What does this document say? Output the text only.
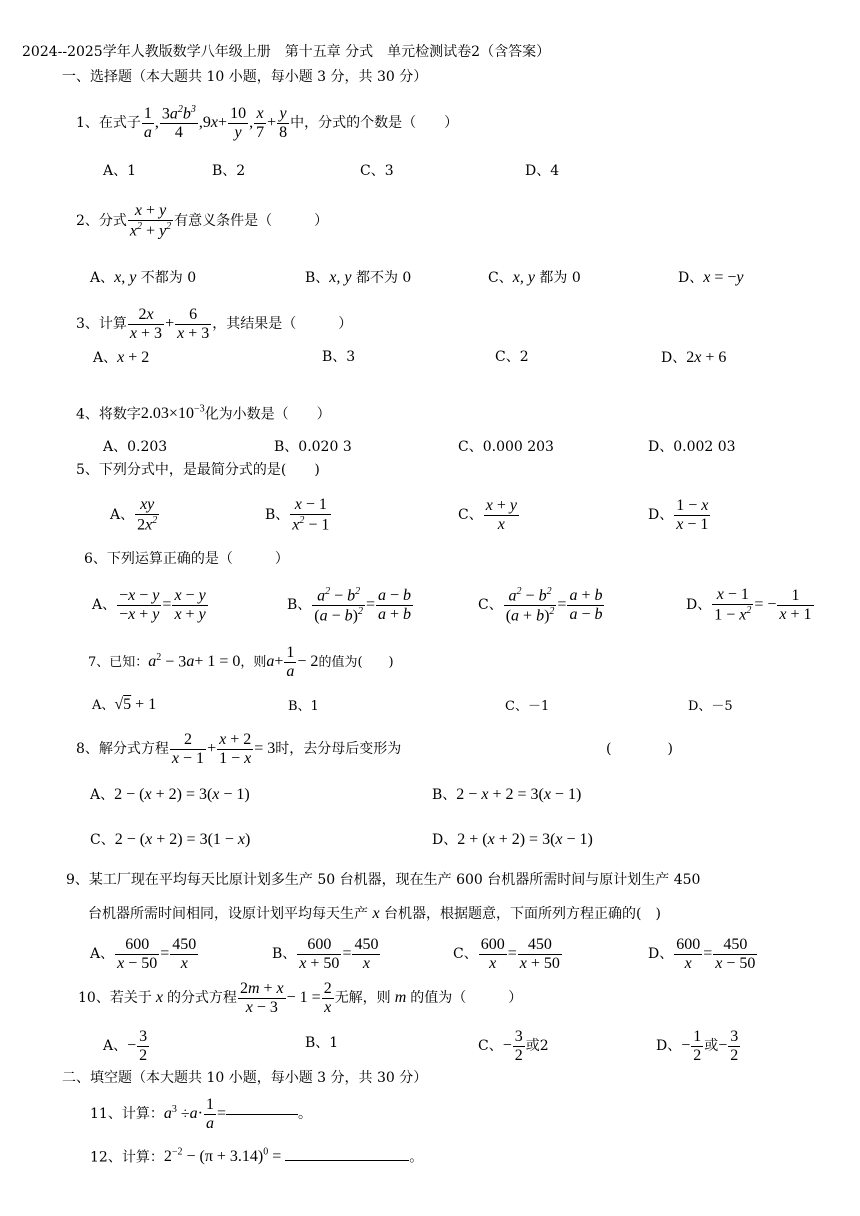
2024--2025学年人教版数学八年级上册　第十五章 分式　单元检测试卷2（含答案）
一、选择题（本大题共 10 小题，每小题 3 分，共 30 分）
1、在式子 $\frac{1}{a}$ , $\frac{3a^2b^3}{4}$ , 9 $x + \frac{10}{y}$ , $\frac{x}{7} + \frac{y}{8}$ 中，分式的个数是（　　）
A、1	B、2	C、3	D、4
2、分式 $\frac{x + y}{x^2 + y^2}$ 有意义条件是（　　　）
A、x, y 不都为 0	B、x, y 都不为 0	C、x, y 都为 0	D、x = −y
3、计算 $\frac{2x}{x + 3} + \frac{6}{x + 3}$ ，其结果是（　　　）
A、x + 2	B、3	C、2	D、2x + 6
4、将数字$2.03\times 10^{-3}$化为小数是（　　）
A、0.203	B、0.020 3	C、0.000 203	D、0.002 03
5、下列分式中，是最简分式的是(　　)
A、 $\frac{xy}{2x^2}$	B、 $\frac{x - 1}{x^2 - 1}$	C、 $\frac{x + y}{x}$	D、 $\frac{1 - x}{x - 1}$
6、下列运算正确的是（　　　）
A、 $\frac{-x - y}{-x + y} = \frac{x - y}{x + y}$	B、 $\frac{a^2 - b^2}{(a - b)^2} = \frac{a - b}{a + b}$	C、 $\frac{a^2 - b^2}{(a + b)^2} = \frac{a + b}{a - b}$	D、 $\frac{x - 1}{1 - x^2}$ = − $\frac{1}{x + 1}$
7、已知： a $^2$ − 3 a + 1 = 0 ，则 $a + \frac{1}{a} - 2$ 的值为(　　)
A、√5 + 1	B、1	C、－1	D、－5
8、解分式方程 $\frac{2}{x - 1} + \frac{x + 2}{1 - x} = 3$ 时，去分母后变形为	(　　　　)
A、2 − (x + 2) = 3(x − 1)	B、2 − x + 2 = 3(x − 1)
C、2 − (x + 2) = 3(1 − x)	D、2 + (x + 2) = 3(x − 1)
9、某工厂现在平均每天比原计划多生产 50 台机器，现在生产 600 台机器所需时间与原计划生产 450
台机器所需时间相同，设原计划平均每天生产 x 台机器，根据题意，下面所列方程正确的(　)
A、 $\frac{600}{x - 50} = \frac{450}{x}$	B、 $\frac{600}{x + 50} = \frac{450}{x}$	C、 $\frac{600}{x} = \frac{450}{x + 50}$	D、 $\frac{600}{x} = \frac{450}{x - 50}$
10、若关于 x 的分式方程 $\frac{2m + x}{x - 3} - 1 = \frac{2}{x}$ 无解，则 m 的值为（　　　）
A、 − $\frac{3}{2}$	B、1	C、 − $\frac{3}{2}$ 或2	D、 − $\frac{1}{2}$ 或 − $\frac{3}{2}$
二、填空题（本大题共 10 小题，每小题 3 分，共 30 分）
11、计算： a $^3 \div a \cdot \frac{1}{a}$ =	。
12、计算：$2^{-2} - (\pi + 3.14)^0$ =	。
